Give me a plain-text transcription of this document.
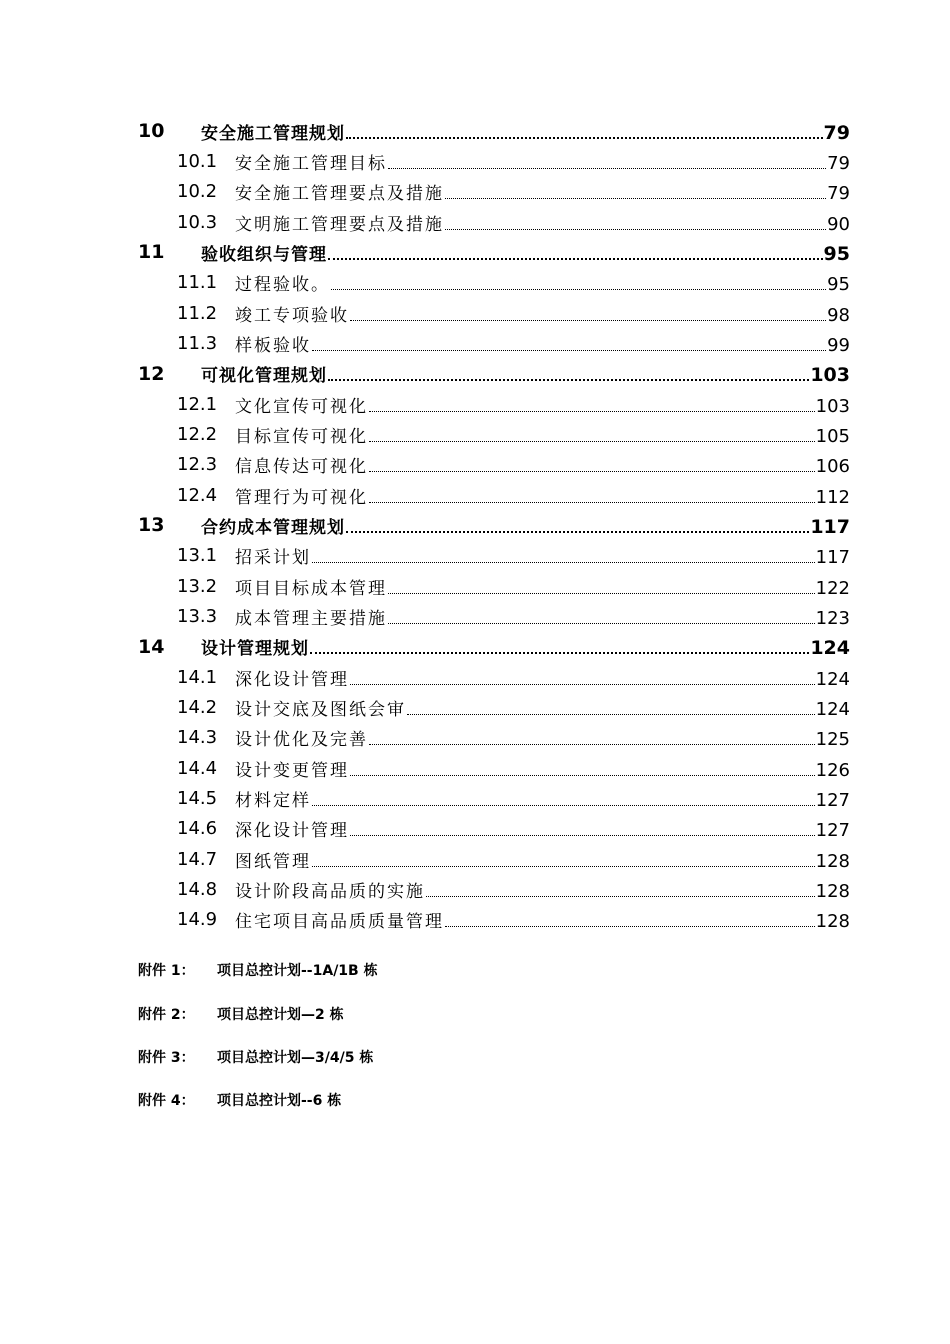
10 安全施工管理规划	79
10.1 安全施工管理目标	79
10.2 安全施工管理要点及措施	79
10.3 文明施工管理要点及措施	90
11 验收组织与管理	95
11.1 过程验收。	95
11.2 竣工专项验收	98
11.3 样板验收	99
12 可视化管理规划	103
12.1 文化宣传可视化	103
12.2 目标宣传可视化	105
12.3 信息传达可视化	106
12.4 管理行为可视化	112
13 合约成本管理规划	117
13.1 招采计划	117
13.2 项目目标成本管理	122
13.3 成本管理主要措施	123
14 设计管理规划	124
14.1 深化设计管理	124
14.2 设计交底及图纸会审	124
14.3 设计优化及完善	125
14.4 设计变更管理	126
14.5 材料定样	127
14.6 深化设计管理	127
14.7 图纸管理	128
14.8 设计阶段高品质的实施	128
14.9 住宅项目高品质质量管理	128
附件 1： 项目总控计划--1A/1B 栋
附件 2： 项目总控计划—2 栋
附件 3： 项目总控计划—3/4/5 栋
附件 4： 项目总控计划--6 栋
